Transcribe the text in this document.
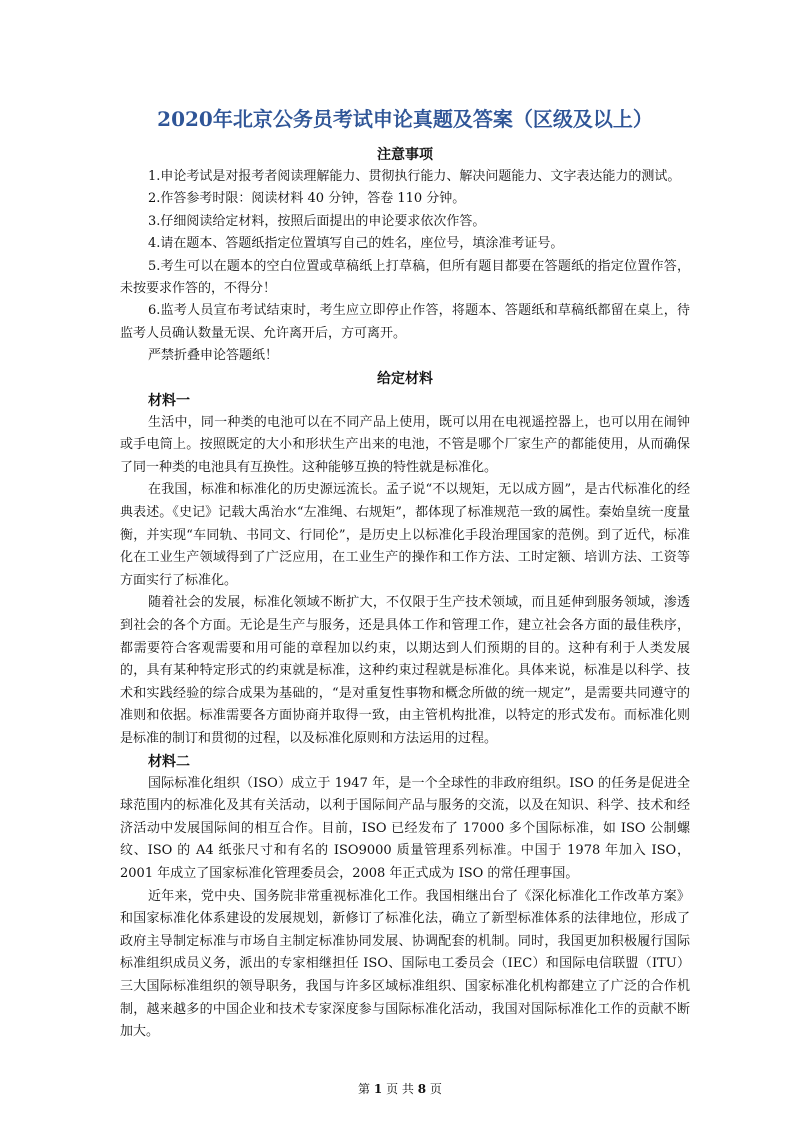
2020年北京公务员考试申论真题及答案（区级及以上）
注意事项

1.申论考试是对报考者阅读理解能力、贯彻执行能力、解决问题能力、文字表达能力的测试。

2.作答参考时限：阅读材料 40 分钟，答卷 110 分钟。

3.仔细阅读给定材料，按照后面提出的申论要求依次作答。

4.请在题本、答题纸指定位置填写自己的姓名，座位号，填涂准考证号。

5.考生可以在题本的空白位置或草稿纸上打草稿，但所有题目都要在答题纸的指定位置作答，未按要求作答的，不得分！

6.监考人员宣布考试结束时，考生应立即停止作答，将题本、答题纸和草稿纸都留在桌上，待监考人员确认数量无误、允许离开后，方可离开。

严禁折叠申论答题纸！

给定材料
材料一

生活中，同一种类的电池可以在不同产品上使用，既可以用在电视遥控器上，也可以用在闹钟或手电筒上。按照既定的大小和形状生产出来的电池，不管是哪个厂家生产的都能使用，从而确保了同一种类的电池具有互换性。这种能够互换的特性就是标准化。

在我国，标准和标准化的历史源远流长。孟子说“不以规矩，无以成方圆”，是古代标准化的经典表述。《史记》记载大禹治水“左准绳、右规矩”，都体现了标准规范一致的属性。秦始皇统一度量衡，并实现“车同轨、书同文、行同伦”，是历史上以标准化手段治理国家的范例。到了近代，标准化在工业生产领域得到了广泛应用，在工业生产的操作和工作方法、工时定额、培训方法、工资等方面实行了标准化。

随着社会的发展，标准化领域不断扩大，不仅限于生产技术领域，而且延伸到服务领域，渗透到社会的各个方面。无论是生产与服务，还是具体工作和管理工作，建立社会各方面的最佳秩序，都需要符合客观需要和用可能的章程加以约束，以期达到人们预期的目的。这种有利于人类发展的，具有某种特定形式的约束就是标准，这种约束过程就是标准化。具体来说，标准是以科学、技术和实践经验的综合成果为基础的，“是对重复性事物和概念所做的统一规定”，是需要共同遵守的准则和依据。标准需要各方面协商并取得一致，由主管机构批准，以特定的形式发布。而标准化则是标准的制订和贯彻的过程，以及标准化原则和方法运用的过程。

材料二

国际标准化组织（ISO）成立于 1947 年，是一个全球性的非政府组织。ISO 的任务是促进全球范围内的标准化及其有关活动，以利于国际间产品与服务的交流，以及在知识、科学、技术和经济活动中发展国际间的相互合作。目前，ISO 已经发布了 17000 多个国际标准，如 ISO 公制螺纹、ISO 的 A4 纸张尺寸和有名的 ISO9000 质量管理系列标准。中国于 1978 年加入 ISO，2001 年成立了国家标准化管理委员会，2008 年正式成为 ISO 的常任理事国。

近年来，党中央、国务院非常重视标准化工作。我国相继出台了《深化标准化工作改革方案》和国家标准化体系建设的发展规划，新修订了标准化法，确立了新型标准体系的法律地位，形成了政府主导制定标准与市场自主制定标准协同发展、协调配套的机制。同时，我国更加积极履行国际标准组织成员义务，派出的专家相继担任 ISO、国际电工委员会（IEC）和国际电信联盟（ITU）三大国际标准组织的领导职务，我国与许多区域标准组织、国家标准化机构都建立了广泛的合作机制，越来越多的中国企业和技术专家深度参与国际标准化活动，我国对国际标准化工作的贡献不断加大。

第 1 页 共 8 页
